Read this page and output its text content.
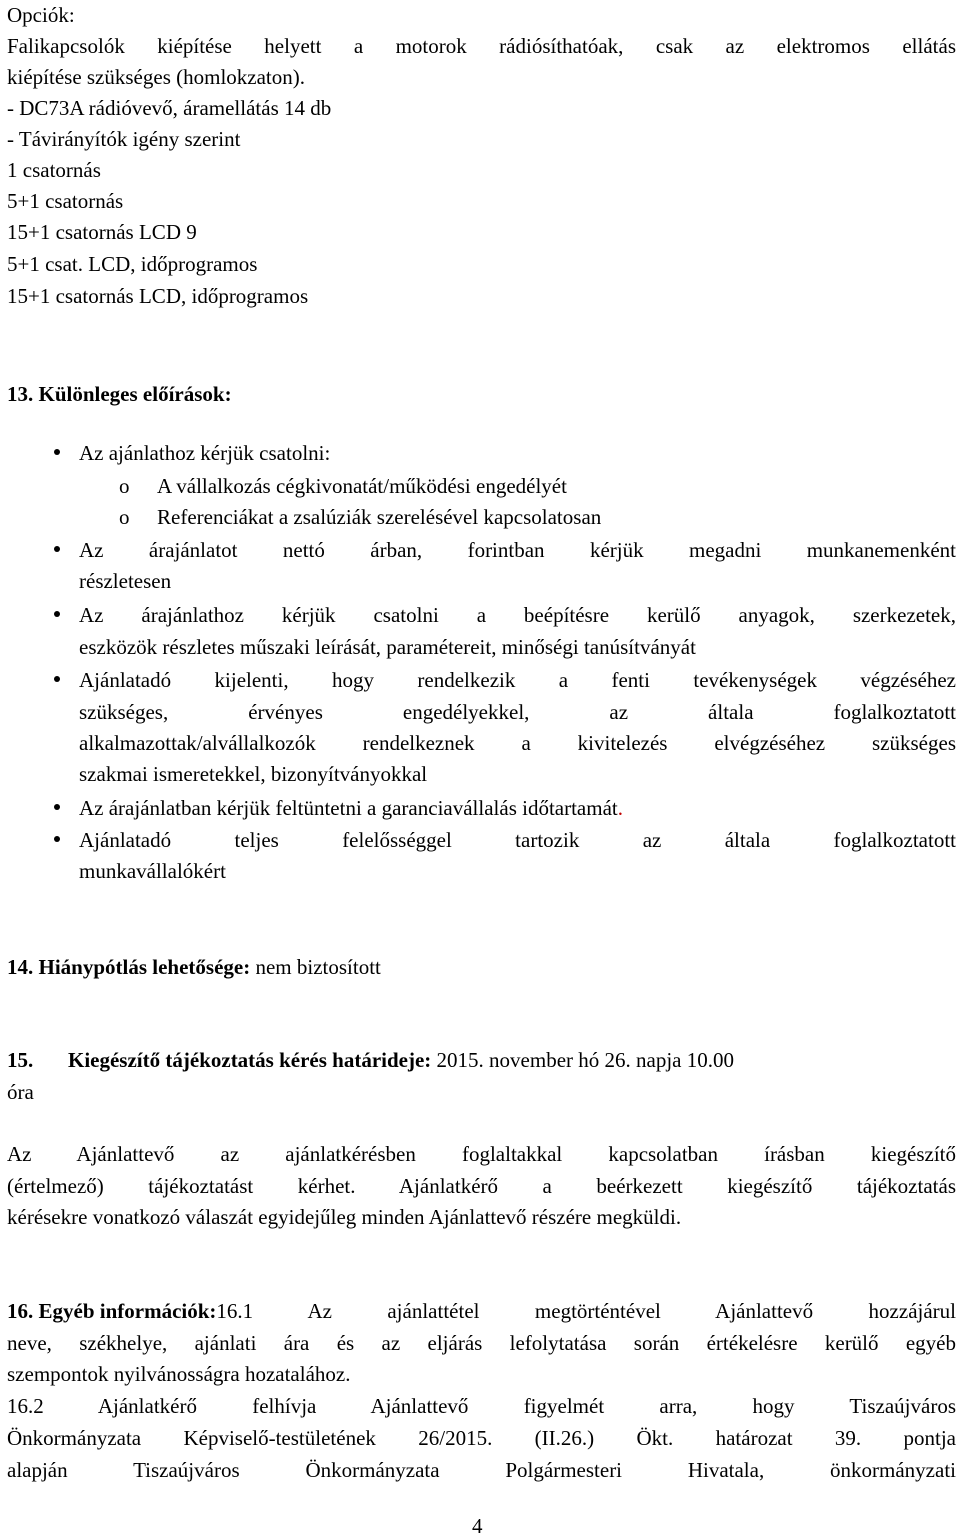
Opciók:
Falikapcsolók kiépítése helyett a motorok rádiósíthatóak, csak az elektromos ellátás
kiépítése szükséges (homlokzaton).
- DC73A rádióvevő, áramellátás 14 db
- Távirányítók igény szerint
1 csatornás
5+1 csatornás
15+1 csatornás LCD 9
5+1 csat. LCD, időprogramos
15+1 csatornás LCD, időprogramos
13. Különleges előírások:
Az ajánlathoz kérjük csatolni:
o A vállalkozás cégkivonatát/működési engedélyét
o Referenciákat a zsalúziák szerelésével kapcsolatosan
Az árajánlatot nettó árban, forintban kérjük megadni munkanemenként
részletesen
Az árajánlathoz kérjük csatolni a beépítésre kerülő anyagok, szerkezetek,
eszközök részletes műszaki leírását, paramétereit, minőségi tanúsítványát
Ajánlatadó kijelenti, hogy rendelkezik a fenti tevékenységek végzéséhez
szükséges, érvényes engedélyekkel, az általa foglalkoztatott
alkalmazottak/alvállalkozók rendelkeznek a kivitelezés elvégzéséhez szükséges
szakmai ismeretekkel, bizonyítványokkal
Az árajánlatban kérjük feltüntetni a garanciavállalás időtartamát.
Ajánlatadó teljes felelősséggel tartozik az általa foglalkoztatott
munkavállalókért
14. Hiánypótlás lehetősége: nem biztosított
15. Kiegészítő tájékoztatás kérés határideje: 2015. november hó 26. napja 10.00
óra
Az Ajánlattevő az ajánlatkérésben foglaltakkal kapcsolatban írásban kiegészítő
(értelmező) tájékoztatást kérhet. Ajánlatkérő a beérkezett kiegészítő tájékoztatás
kérésekre vonatkozó válaszát egyidejűleg minden Ajánlattevő részére megküldi.
16. Egyéb információk: 16.1 Az ajánlattétel megtörténtével Ajánlattevő hozzájárul
neve, székhelye, ajánlati ára és az eljárás lefolytatása során értékelésre kerülő egyéb
szempontok nyilvánosságra hozatalához.
16.2 Ajánlatkérő felhívja Ajánlattevő figyelmét arra, hogy Tiszaújváros
Önkormányzata Képviselő-testületének 26/2015. (II.26.) Ökt. határozat 39. pontja
alapján Tiszaújváros Önkormányzata Polgármesteri Hivatala, önkormányzati
4
